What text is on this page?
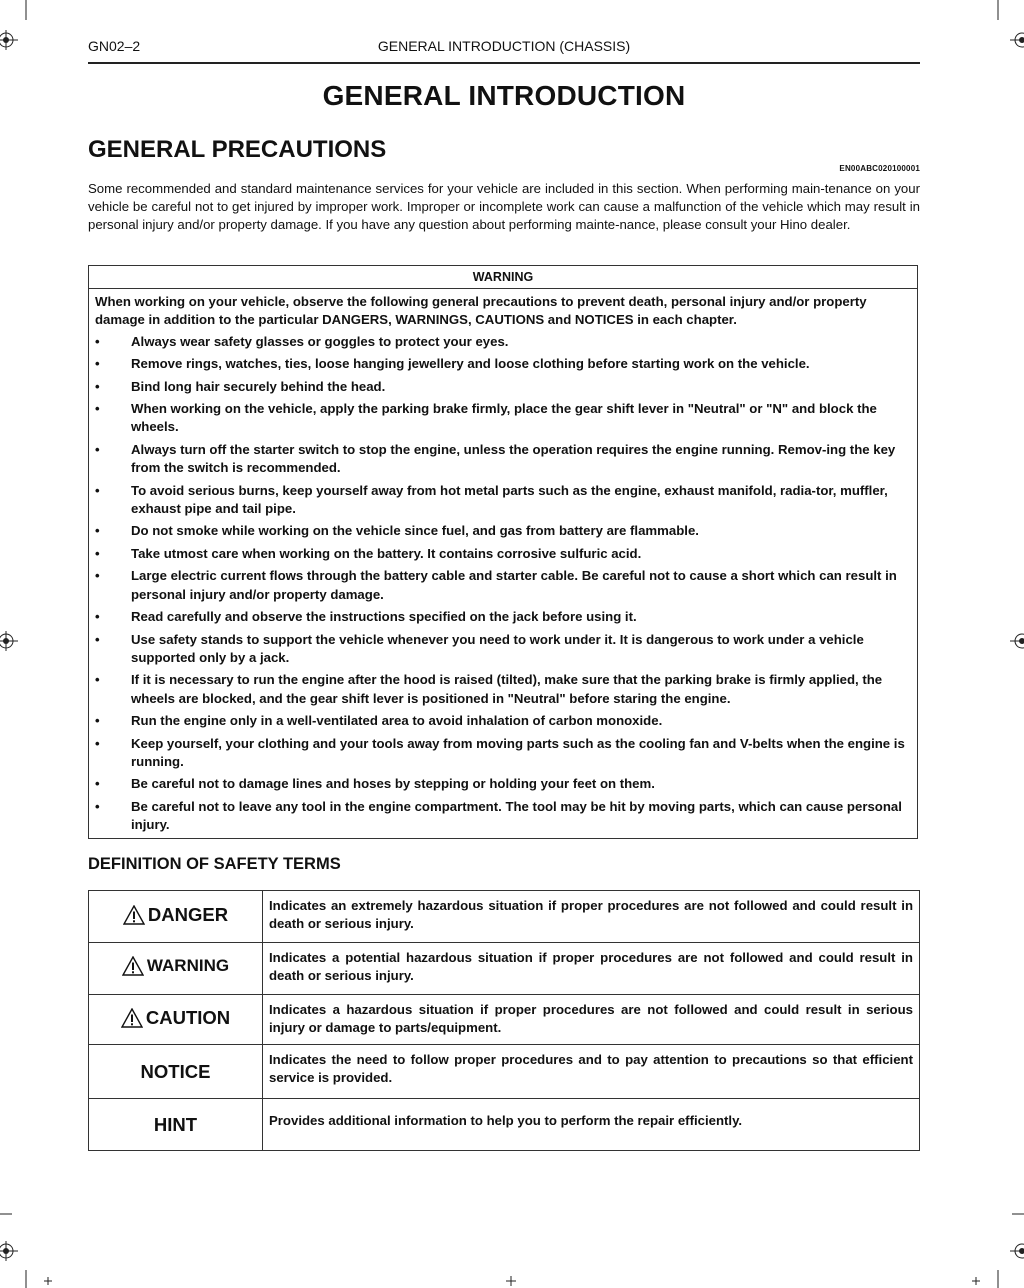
GN02–2	GENERAL INTRODUCTION (CHASSIS)
GENERAL INTRODUCTION
GENERAL PRECAUTIONS
EN00ABC020100001

Some recommended and standard maintenance services for your vehicle are included in this section. When performing main-tenance on your vehicle be careful not to get injured by improper work. Improper or incomplete work can cause a malfunction of the vehicle which may result in personal injury and/or property damage. If you have any question about performing mainte-nance, please consult your Hino dealer.

WARNING

When working on your vehicle, observe the following general precautions to prevent death, personal injury and/or property damage in addition to the particular DANGERS, WARNINGS, CAUTIONS and NOTICES in each chapter.

• Always wear safety glasses or goggles to protect your eyes.
• Remove rings, watches, ties, loose hanging jewellery and loose clothing before starting work on the vehicle.
• Bind long hair securely behind the head.
• When working on the vehicle, apply the parking brake firmly, place the gear shift lever in "Neutral" or "N" and block the wheels.
• Always turn off the starter switch to stop the engine, unless the operation requires the engine running. Remov-ing the key from the switch is recommended.
• To avoid serious burns, keep yourself away from hot metal parts such as the engine, exhaust manifold, radia-tor, muffler, exhaust pipe and tail pipe.
• Do not smoke while working on the vehicle since fuel, and gas from battery are flammable.
• Take utmost care when working on the battery. It contains corrosive sulfuric acid.
• Large electric current flows through the battery cable and starter cable. Be careful not to cause a short which can result in personal injury and/or property damage.
• Read carefully and observe the instructions specified on the jack before using it.
• Use safety stands to support the vehicle whenever you need to work under it. It is dangerous to work under a vehicle supported only by a jack.
• If it is necessary to run the engine after the hood is raised (tilted), make sure that the parking brake is firmly applied, the wheels are blocked, and the gear shift lever is positioned in "Neutral" before staring the engine.
• Run the engine only in a well-ventilated area to avoid inhalation of carbon monoxide.
• Keep yourself, your clothing and your tools away from moving parts such as the cooling fan and V-belts when the engine is running.
• Be careful not to damage lines and hoses by stepping or holding your feet on them.
• Be careful not to leave any tool in the engine compartment. The tool may be hit by moving parts, which can cause personal injury.
DEFINITION OF SAFETY TERMS
DANGER	Indicates an extremely hazardous situation if proper procedures are not followed and could result in death or serious injury.

WARNING	Indicates a potential hazardous situation if proper procedures are not followed and could result in death or serious injury.

CAUTION	Indicates a hazardous situation if proper procedures are not followed and could result in serious injury or damage to parts/equipment.

NOTICE	Indicates the need to follow proper procedures and to pay attention to precautions so that efficient service is provided.

HINT	Provides additional information to help you to perform the repair efficiently.
